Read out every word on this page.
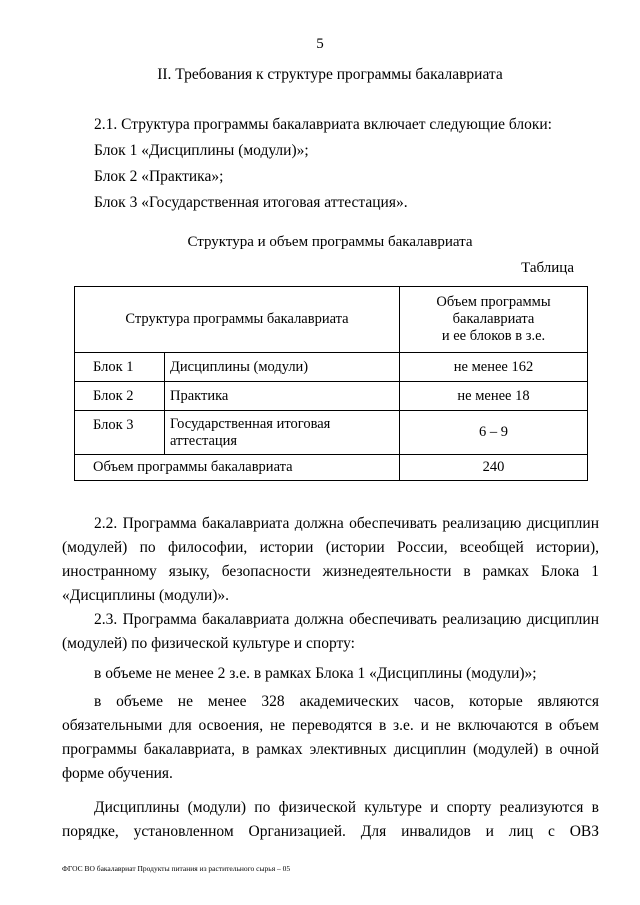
5
II. Требования к структуре программы бакалавриата
2.1. Структура программы бакалавриата включает следующие блоки:
Блок 1 «Дисциплины (модули)»;
Блок 2 «Практика»;
Блок 3 «Государственная итоговая аттестация».
Структура и объем программы бакалавриата
Таблица
Структура программы бакалавриата		Объем программы
бакалавриата
и ее блоков в з.е.

Блок 1	Дисциплины (модули)	не менее 162
Блок 2	Практика	не менее 18
Блок 3	Государственная итоговая аттестация	6 – 9
Объем программы бакалавриата		240
2.2. Программа бакалавриата должна обеспечивать реализацию дисциплин (модулей) по философии, истории (истории России, всеобщей истории), иностранному языку, безопасности жизнедеятельности в рамках Блока 1 «Дисциплины (модули)».
2.3. Программа бакалавриата должна обеспечивать реализацию дисциплин (модулей) по физической культуре и спорту:
в объеме не менее 2 з.е. в рамках Блока 1 «Дисциплины (модули)»;
в объеме не менее 328 академических часов, которые являются обязательными для освоения, не переводятся в з.е. и не включаются в объем программы бакалавриата, в рамках элективных дисциплин (модулей) в очной форме обучения.
Дисциплины (модули) по физической культуре и спорту реализуются в порядке, установленном Организацией. Для инвалидов и лиц с ОВЗ
ФГОС ВО бакалавриат Продукты питания из растительного сырья – 05
